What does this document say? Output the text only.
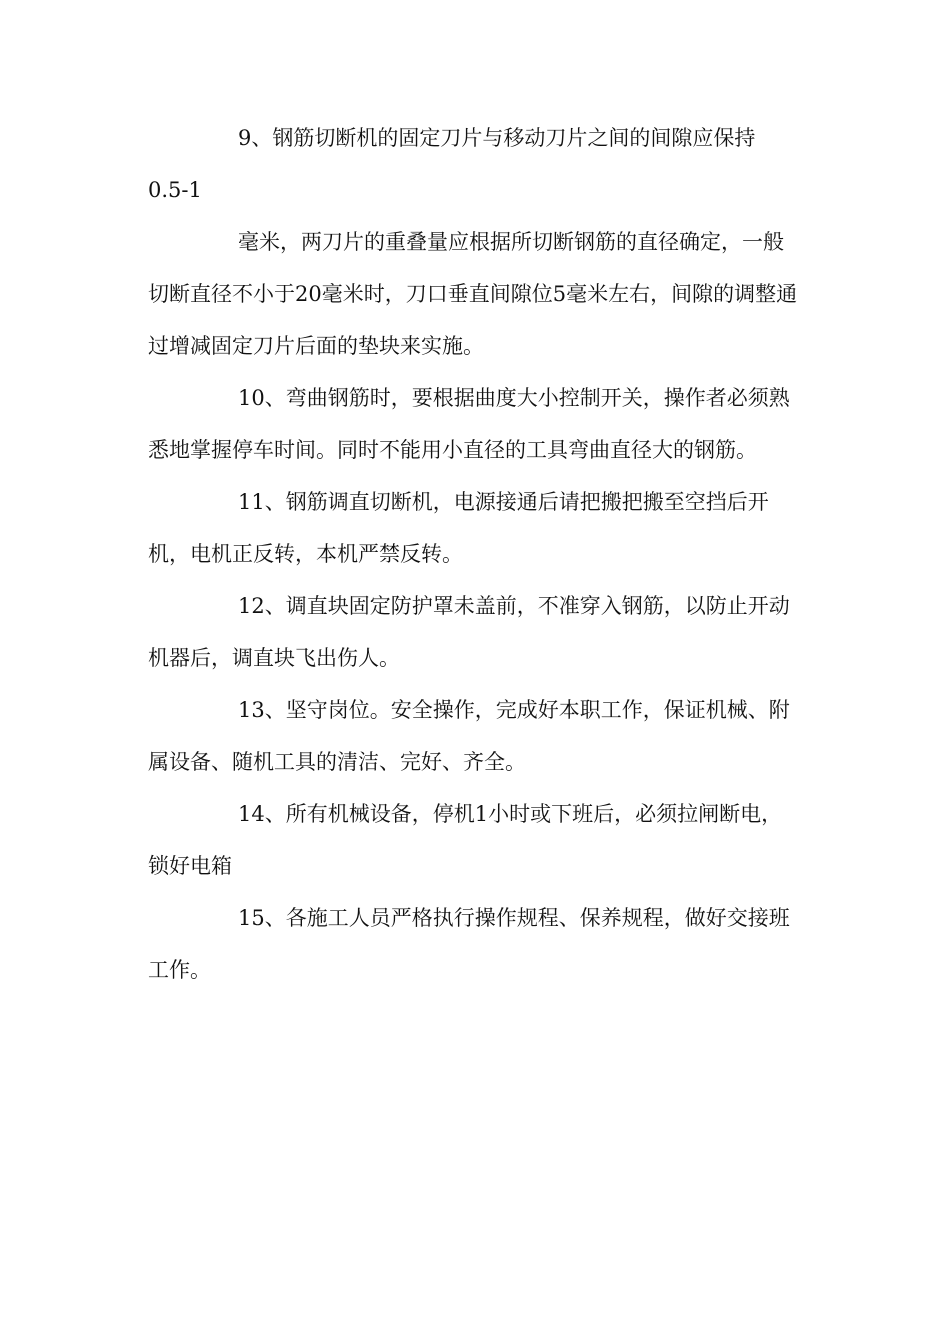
9、钢筋切断机的固定刀片与移动刀片之间的间隙应保持

0.5-1

毫米，两刀片的重叠量应根据所切断钢筋的直径确定，一般切断直径不小于20毫米时，刀口垂直间隙位5毫米左右，间隙的调整通过增减固定刀片后面的垫块来实施。

10、弯曲钢筋时，要根据曲度大小控制开关，操作者必须熟悉地掌握停车时间。同时不能用小直径的工具弯曲直径大的钢筋。

11、钢筋调直切断机，电源接通后请把搬把搬至空挡后开机，电机正反转，本机严禁反转。

12、调直块固定防护罩未盖前，不准穿入钢筋，以防止开动机器后，调直块飞出伤人。

13、坚守岗位。安全操作，完成好本职工作，保证机械、附属设备、随机工具的清洁、完好、齐全。

14、所有机械设备，停机1小时或下班后，必须拉闸断电，锁好电箱

15、各施工人员严格执行操作规程、保养规程，做好交接班工作。
